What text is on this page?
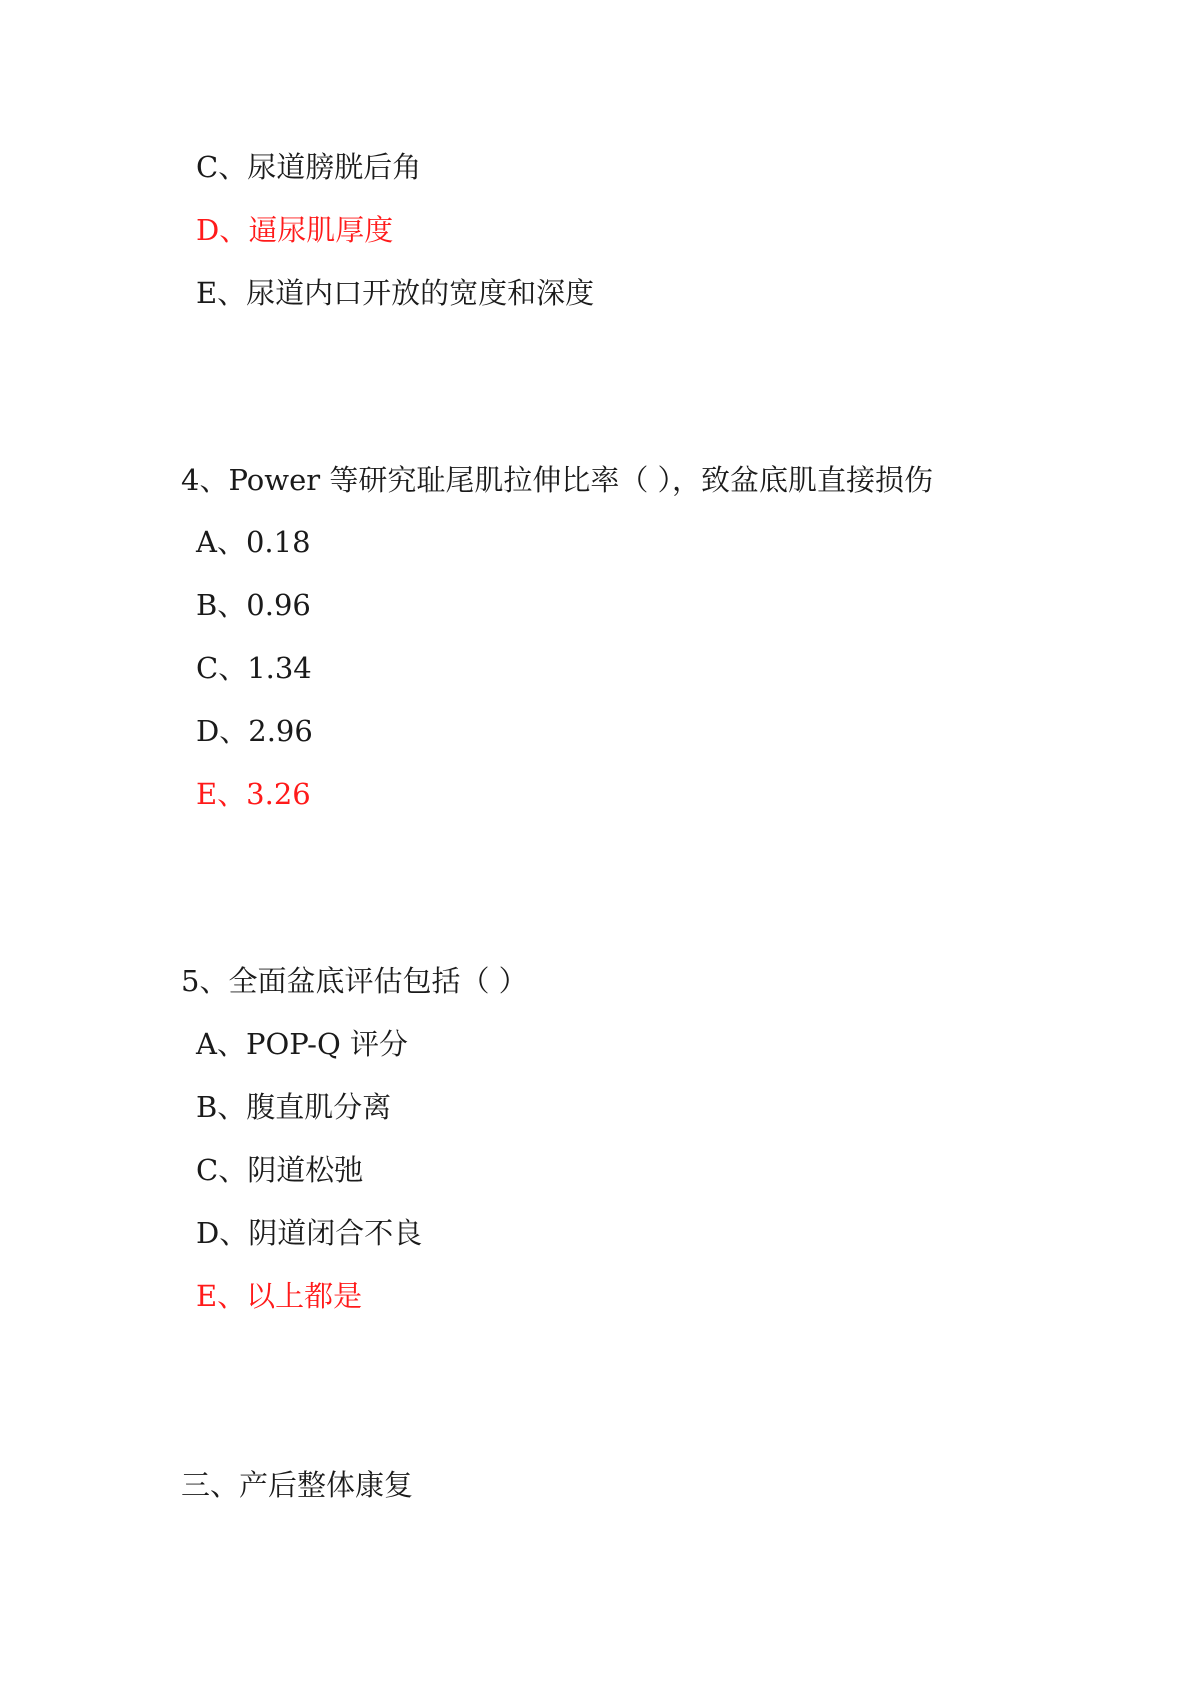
C、尿道膀胱后角
D、逼尿肌厚度
E、尿道内口开放的宽度和深度
4、Power 等研究耻尾肌拉伸比率（ ），致盆底肌直接损伤
A、0.18
B、0.96
C、1.34
D、2.96
E、3.26
5、全面盆底评估包括（ ）
A、POP-Q 评分
B、腹直肌分离
C、阴道松弛
D、阴道闭合不良
E、以上都是
三、产后整体康复
